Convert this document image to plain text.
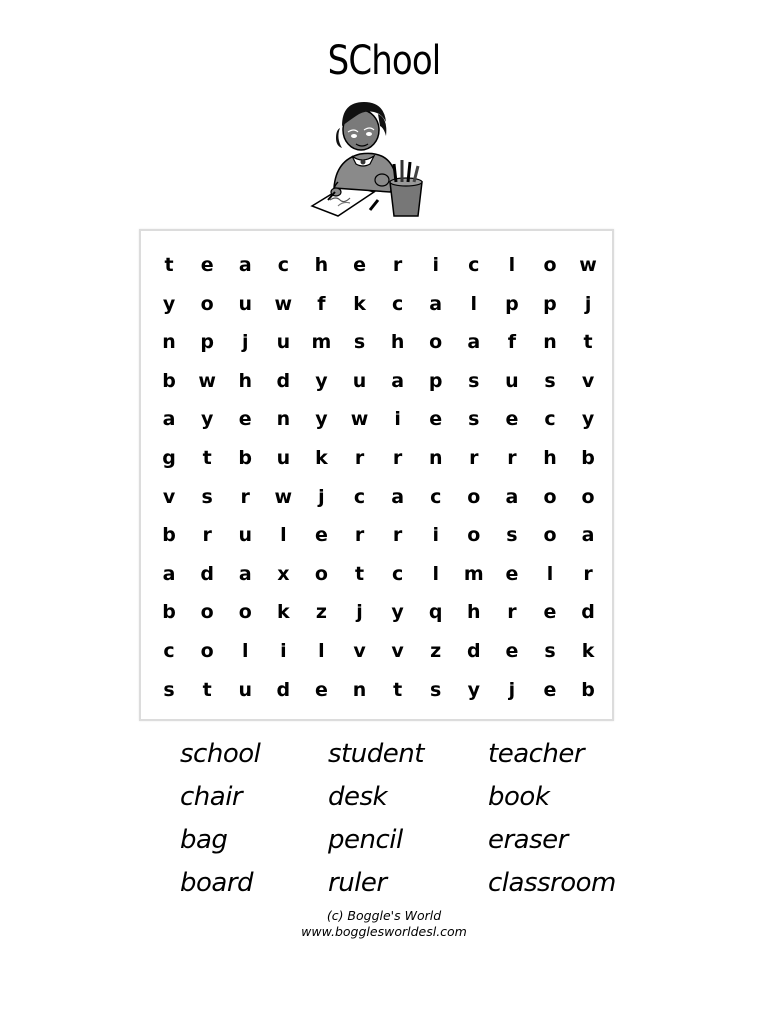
SChool
t	e	a	c	h	e	r	i	c	l	o	w
y	o	u	w	f	k	c	a	l	p	p	j
n	p	j	u	m	s	h	o	a	f	n	t
b	w	h	d	y	u	a	p	s	u	s	v
a	y	e	n	y	w	i	e	s	e	c	y
g	t	b	u	k	r	r	n	r	r	h	b
v	s	r	w	j	c	a	c	o	a	o	o
b	r	u	l	e	r	r	i	o	s	o	a
a	d	a	x	o	t	c	l	m	e	l	r
b	o	o	k	z	j	y	q	h	r	e	d
c	o	l	i	l	v	v	z	d	e	s	k
s	t	u	d	e	n	t	s	y	j	e	b
school	student	teacher
chair	desk	book
bag	pencil	eraser
board	ruler	classroom
(c) Boggle's World
www.bogglesworldesl.com
